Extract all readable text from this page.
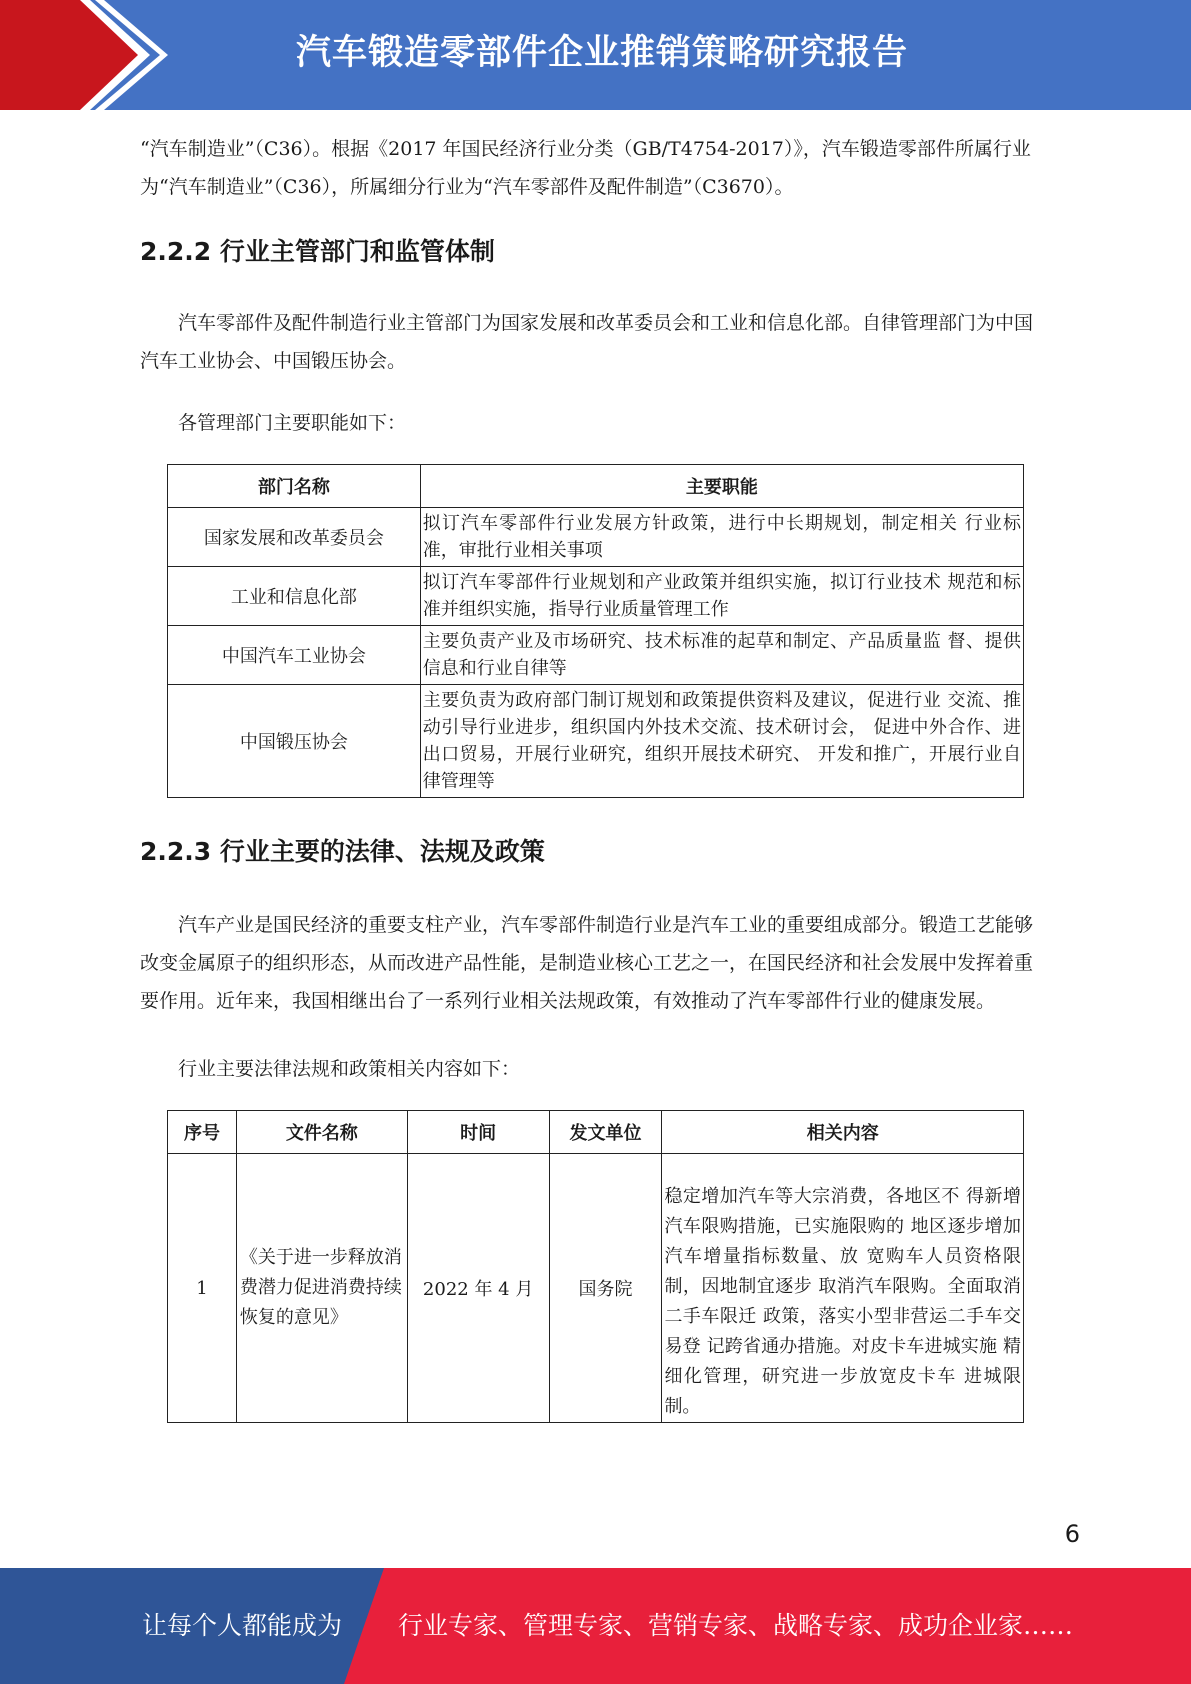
汽车锻造零部件企业推销策略研究报告

“汽车制造业”（C36）。根据《2017 年国民经济行业分类（GB/T4754-2017）》，汽车锻造零部件所属行业为“汽车制造业”（C36），所属细分行业为“汽车零部件及配件制造”（C3670）。

2.2.2 行业主管部门和监管体制

汽车零部件及配件制造行业主管部门为国家发展和改革委员会和工业和信息化部。自律管理部门为中国汽车工业协会、中国锻压协会。

各管理部门主要职能如下：

部门名称	主要职能
国家发展和改革委员会	拟订汽车零部件行业发展方针政策，进行中长期规划，制定相关 行业标准，审批行业相关事项
工业和信息化部	拟订汽车零部件行业规划和产业政策并组织实施，拟订行业技术 规范和标准并组织实施，指导行业质量管理工作
中国汽车工业协会	主要负责产业及市场研究、技术标准的起草和制定、产品质量监 督、提供信息和行业自律等
中国锻压协会	主要负责为政府部门制订规划和政策提供资料及建议，促进行业 交流、推动引导行业进步，组织国内外技术交流、技术研讨会， 促进中外合作、进出口贸易，开展行业研究，组织开展技术研究、 开发和推广，开展行业自律管理等
2.2.3 行业主要的法律、法规及政策

汽车产业是国民经济的重要支柱产业，汽车零部件制造行业是汽车工业的重要组成部分。锻造工艺能够改变金属原子的组织形态，从而改进产品性能，是制造业核心工艺之一，在国民经济和社会发展中发挥着重要作用。近年来，我国相继出台了一系列行业相关法规政策，有效推动了汽车零部件行业的健康发展。

行业主要法律法规和政策相关内容如下：

序号	文件名称	时间	发文单位	相关内容
1	《关于进一步释放消费潜力促进消费持续恢复的意见》	2022 年 4 月	国务院	稳定增加汽车等大宗消费，各地区不 得新增汽车限购措施，已实施限购的 地区逐步增加汽车增量指标数量、放 宽购车人员资格限制，因地制宜逐步 取消汽车限购。全面取消二手车限迁 政策，落实小型非营运二手车交易登 记跨省通办措施。对皮卡车进城实施 精细化管理，研究进一步放宽皮卡车 进城限制。
6
让每个人都能成为 行业专家、管理专家、营销专家、战略专家、成功企业家……
